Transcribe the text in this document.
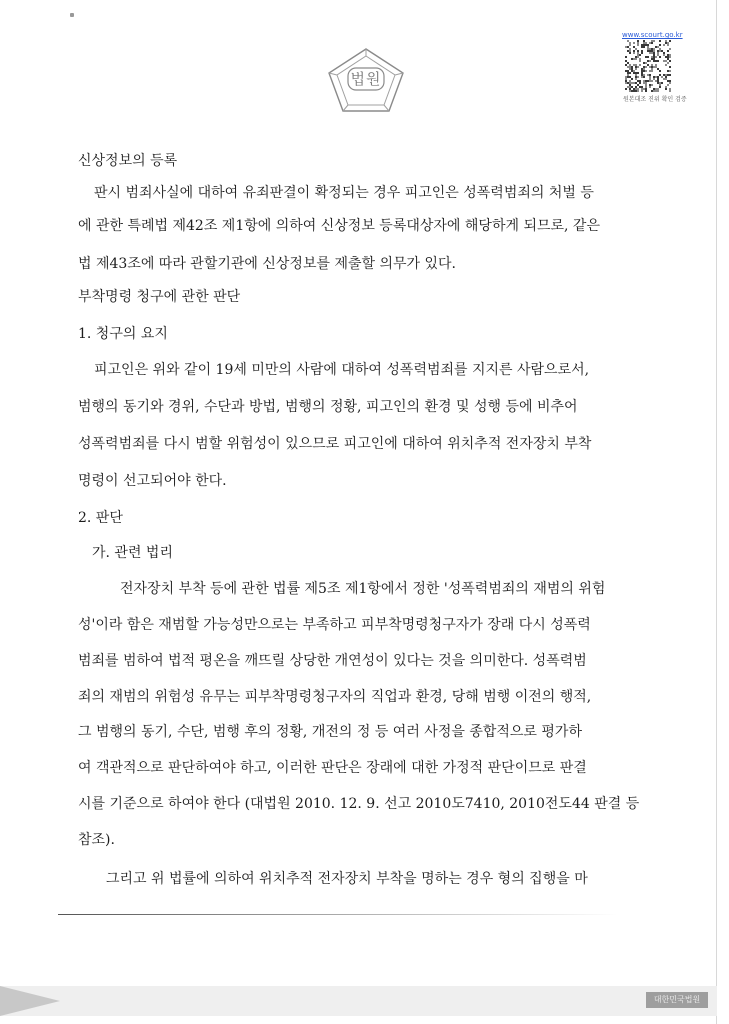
법원
www.scourt.go.kr
원본대조 진위 확인 검증
신상정보의 등록
판시 범죄사실에 대하여 유죄판결이 확정되는 경우 피고인은 성폭력범죄의 처벌 등
에 관한 특례법 제42조 제1항에 의하여 신상정보 등록대상자에 해당하게 되므로, 같은
법 제43조에 따라 관할기관에 신상정보를 제출할 의무가 있다.
부착명령 청구에 관한 판단
1. 청구의 요지
피고인은 위와 같이 19세 미만의 사람에 대하여 성폭력범죄를 지지른 사람으로서,
범행의 동기와 경위, 수단과 방법, 범행의 정황, 피고인의 환경 및 성행 등에 비추어
성폭력범죄를 다시 범할 위험성이 있으므로 피고인에 대하여 위치추적 전자장치 부착
명령이 선고되어야 한다.
2. 판단
가. 관련 법리
전자장치 부착 등에 관한 법률 제5조 제1항에서 정한 '성폭력범죄의 재범의 위험
성'이라 함은 재범할 가능성만으로는 부족하고 피부착명령청구자가 장래 다시 성폭력
범죄를 범하여 법적 평온을 깨뜨릴 상당한 개연성이 있다는 것을 의미한다. 성폭력범
죄의 재범의 위험성 유무는 피부착명령청구자의 직업과 환경, 당해 범행 이전의 행적,
그 범행의 동기, 수단, 범행 후의 정황, 개전의 정 등 여러 사정을 종합적으로 평가하
여 객관적으로 판단하여야 하고, 이러한 판단은 장래에 대한 가정적 판단이므로 판결
시를 기준으로 하여야 한다 (대법원 2010. 12. 9. 선고 2010도7410, 2010전도44 판결 등
참조).
그리고 위 법률에 의하여 위치추적 전자장치 부착을 명하는 경우 형의 집행을 마
대한민국법원
